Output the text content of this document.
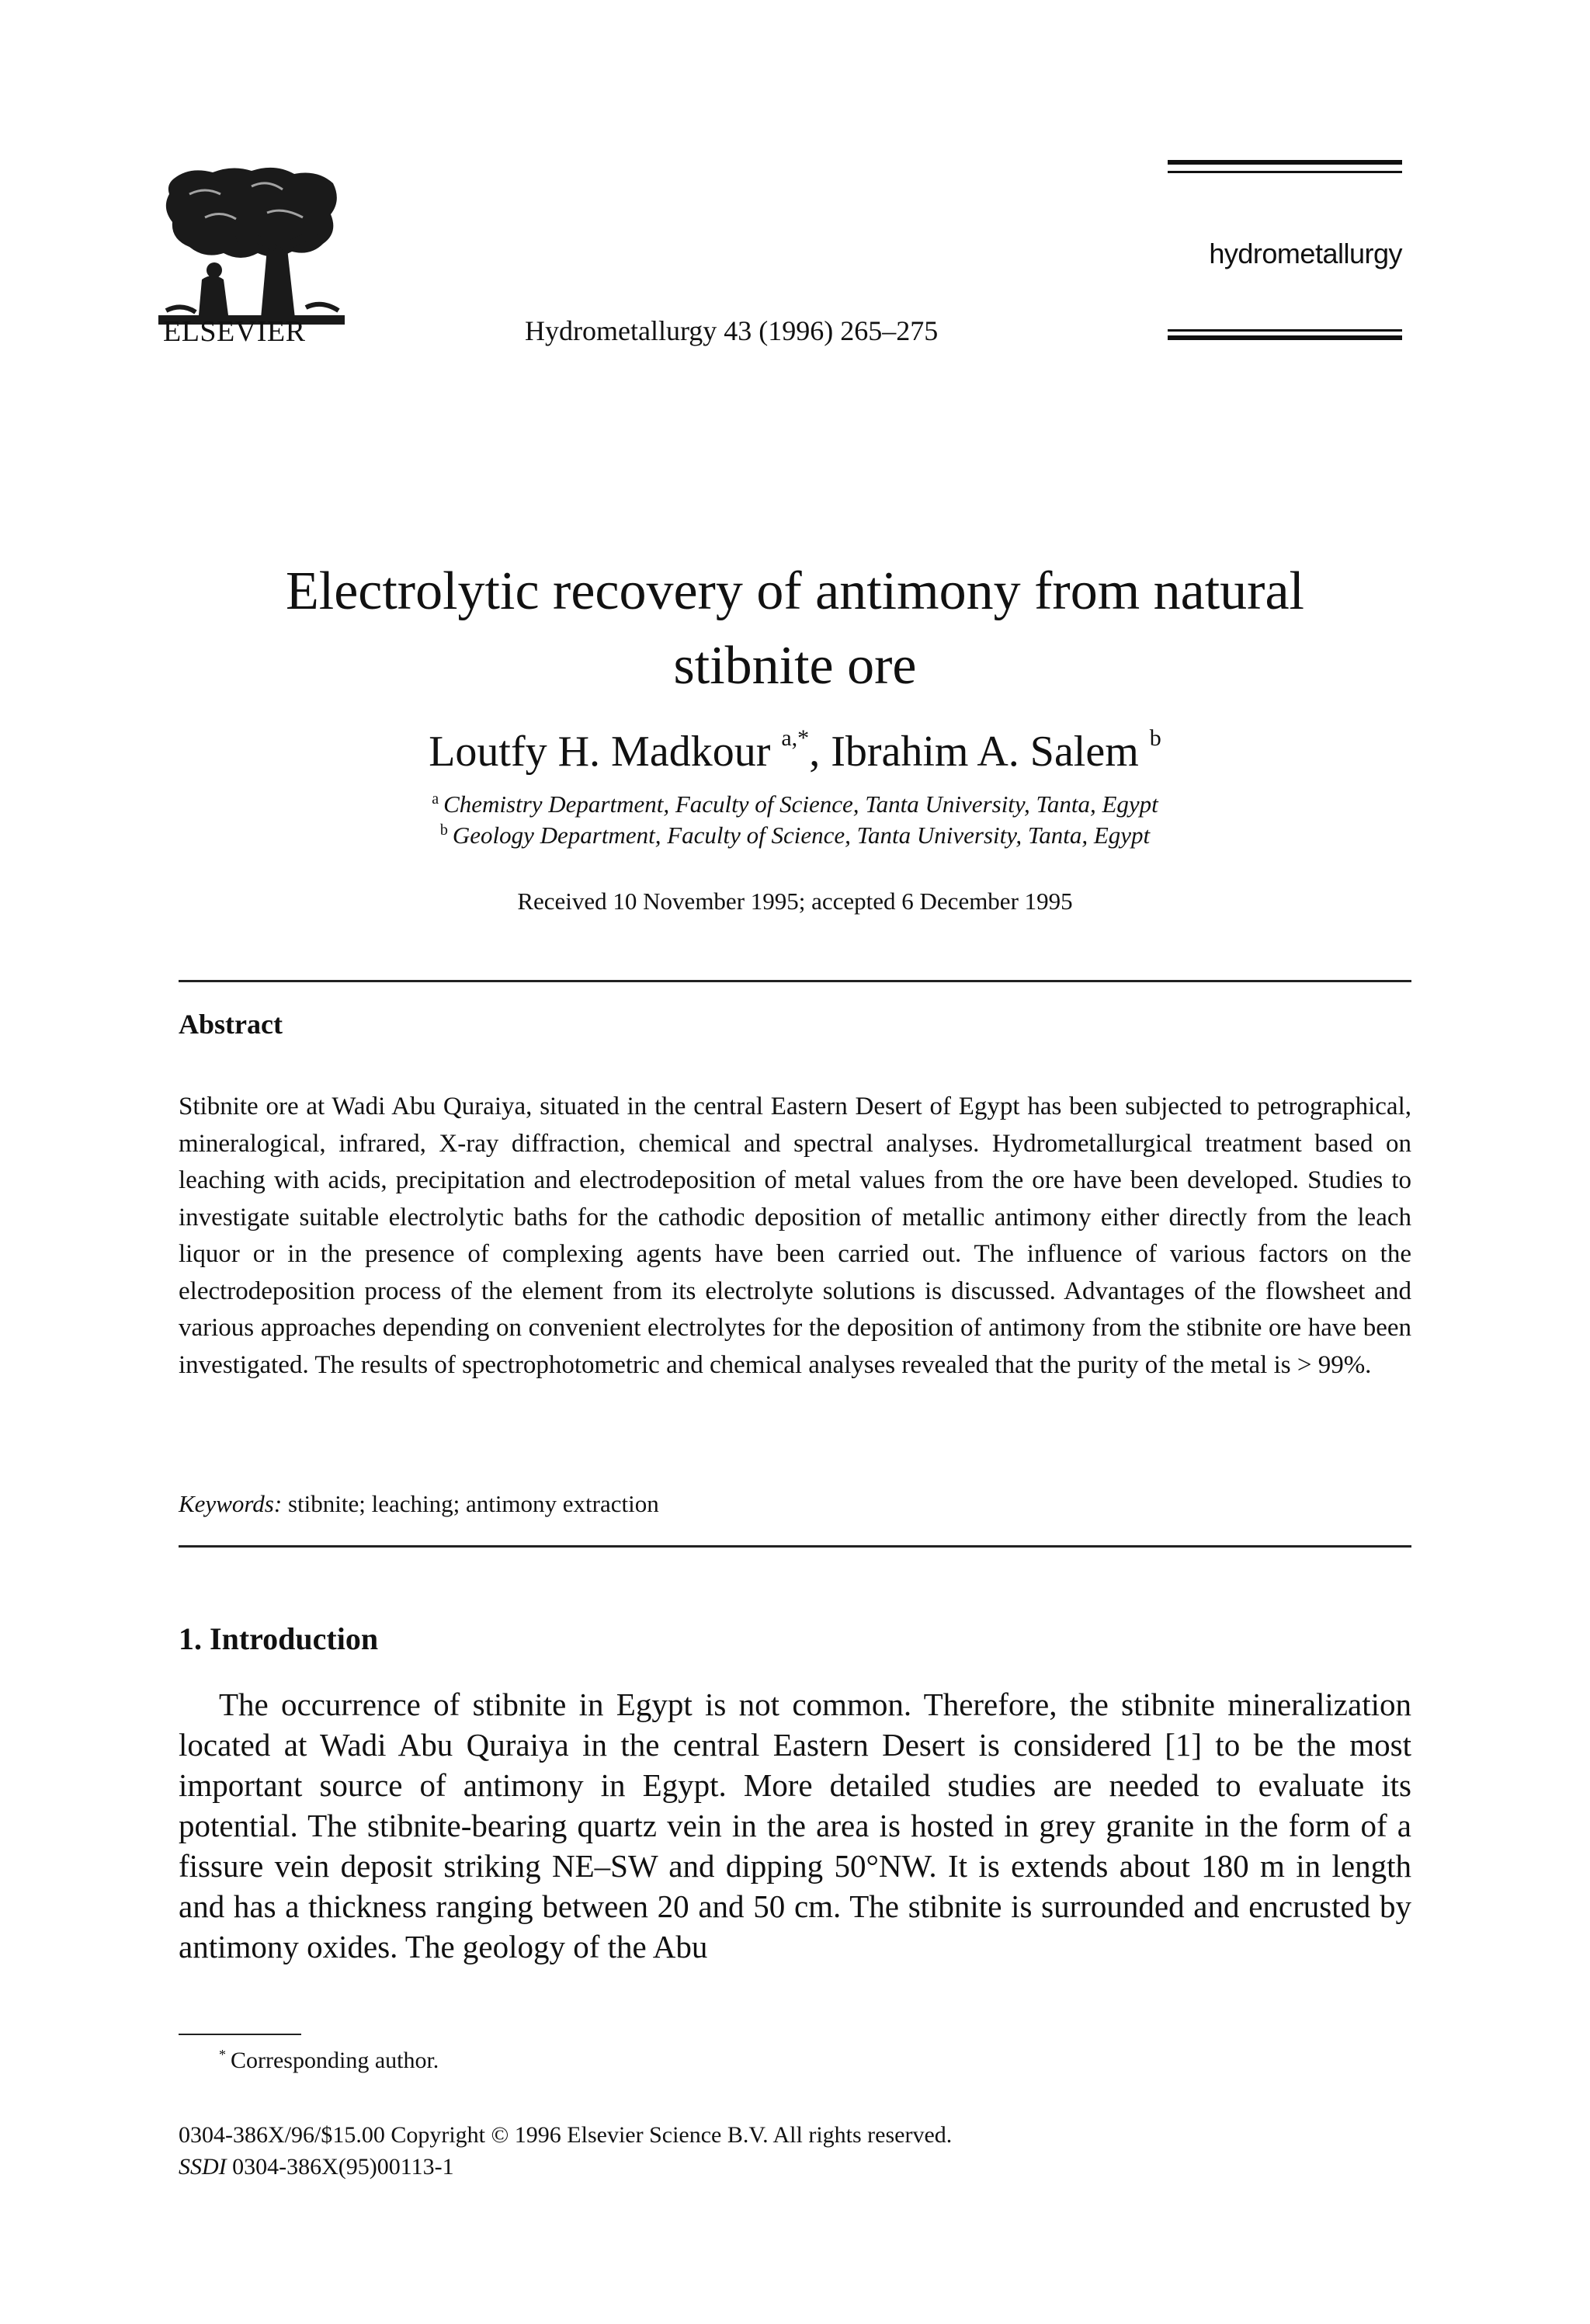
ELSEVIER	Hydrometallurgy 43 (1996) 265–275
hydrometallurgy
Electrolytic recovery of antimony from natural
stibnite ore
Loutfy H. Madkour $^{a,*}$, Ibrahim A. Salem $^b$
$^a$ Chemistry Department, Faculty of Science, Tanta University, Tanta, Egypt
$^b$ Geology Department, Faculty of Science, Tanta University, Tanta, Egypt
Received 10 November 1995; accepted 6 December 1995
Abstract
Stibnite ore at Wadi Abu Quraiya, situated in the central Eastern Desert of Egypt has been subjected to petrographical, mineralogical, infrared, X-ray diffraction, chemical and spectral analyses. Hydrometallurgical treatment based on leaching with acids, precipitation and electrodeposition of metal values from the ore have been developed. Studies to investigate suitable electrolytic baths for the cathodic deposition of metallic antimony either directly from the leach liquor or in the presence of complexing agents have been carried out. The influence of various factors on the electrodeposition process of the element from its electrolyte solutions is discussed. Advantages of the flowsheet and various approaches depending on convenient electrolytes for the deposition of antimony from the stibnite ore have been investigated. The results of spectrophotometric and chemical analyses revealed that the purity of the metal is > 99%.
Keywords: stibnite; leaching; antimony extraction
1. Introduction
The occurrence of stibnite in Egypt is not common. Therefore, the stibnite mineralization located at Wadi Abu Quraiya in the central Eastern Desert is considered [1] to be the most important source of antimony in Egypt. More detailed studies are needed to evaluate its potential. The stibnite-bearing quartz vein in the area is hosted in grey granite in the form of a fissure vein deposit striking NE–SW and dipping 50°NW. It is extends about 180 m in length and has a thickness ranging between 20 and 50 cm. The stibnite is surrounded and encrusted by antimony oxides. The geology of the Abu
* Corresponding author.
0304-386X/96/$15.00 Copyright © 1996 Elsevier Science B.V. All rights reserved.
SSDI 0304-386X(95)00113-1
